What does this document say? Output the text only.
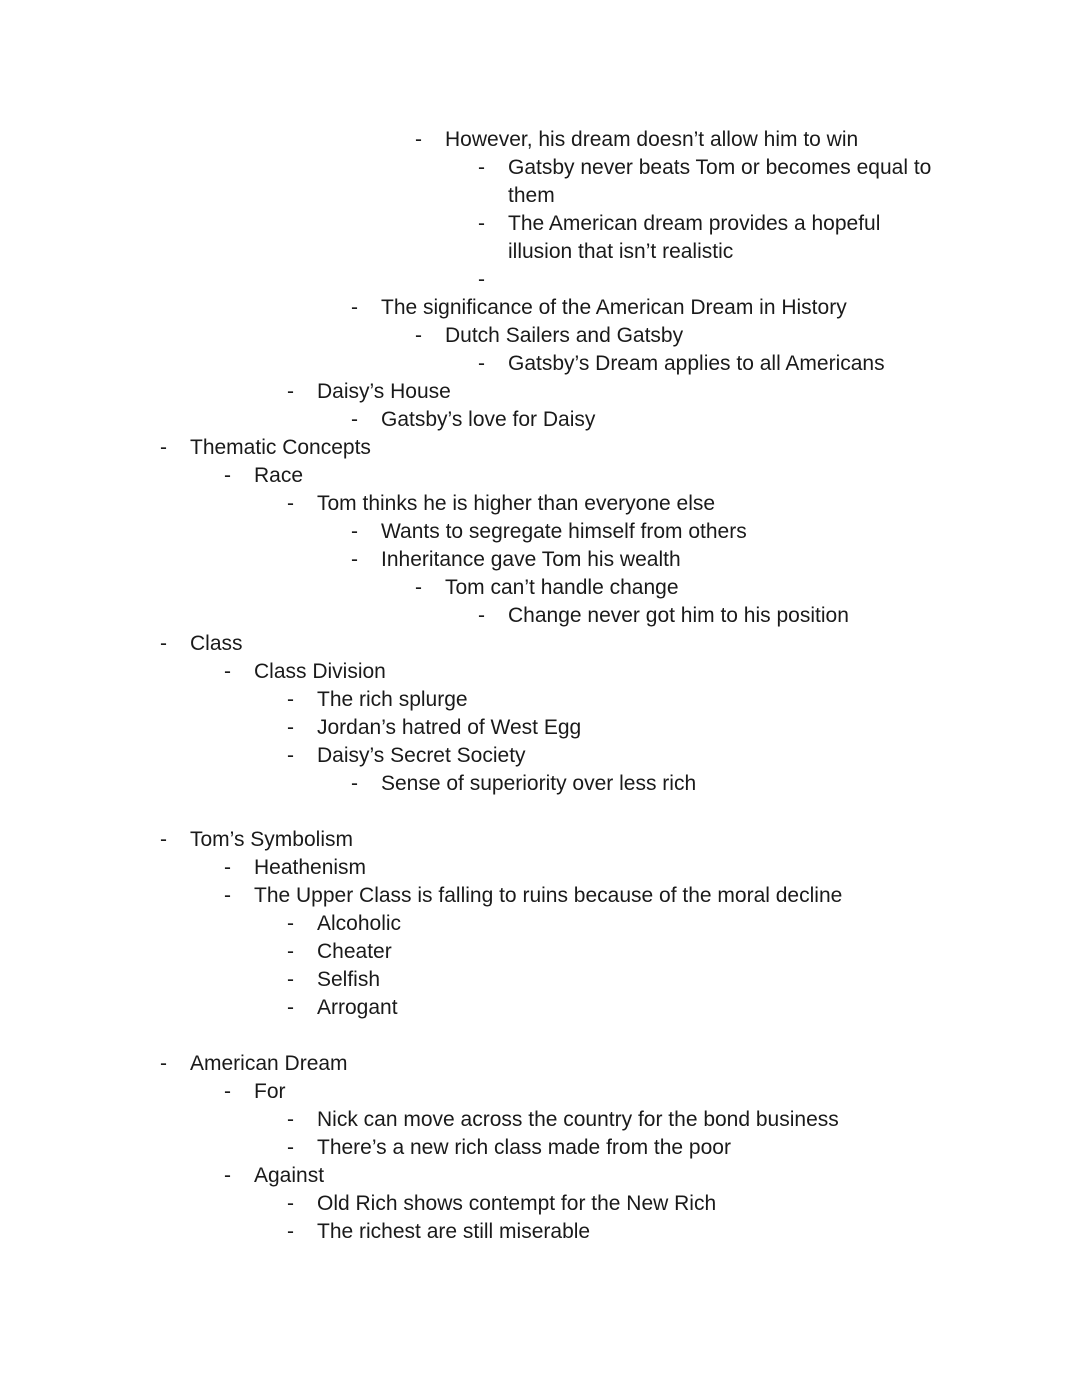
- However, his dream doesn’t allow him to win
- Gatsby never beats Tom or becomes equal to them
- The American dream provides a hopeful illusion that isn’t realistic
-
- The significance of the American Dream in History
- Dutch Sailers and Gatsby
- Gatsby’s Dream applies to all Americans
- Daisy’s House
- Gatsby’s love for Daisy
- Thematic Concepts
- Race
- Tom thinks he is higher than everyone else
- Wants to segregate himself from others
- Inheritance gave Tom his wealth
- Tom can’t handle change
- Change never got him to his position
- Class
- Class Division
- The rich splurge
- Jordan’s hatred of West Egg
- Daisy’s Secret Society
- Sense of superiority over less rich
- Tom’s Symbolism
- Heathenism
- The Upper Class is falling to ruins because of the moral decline
- Alcoholic
- Cheater
- Selfish
- Arrogant
- American Dream
- For
- Nick can move across the country for the bond business
- There’s a new rich class made from the poor
- Against
- Old Rich shows contempt for the New Rich
- The richest are still miserable
